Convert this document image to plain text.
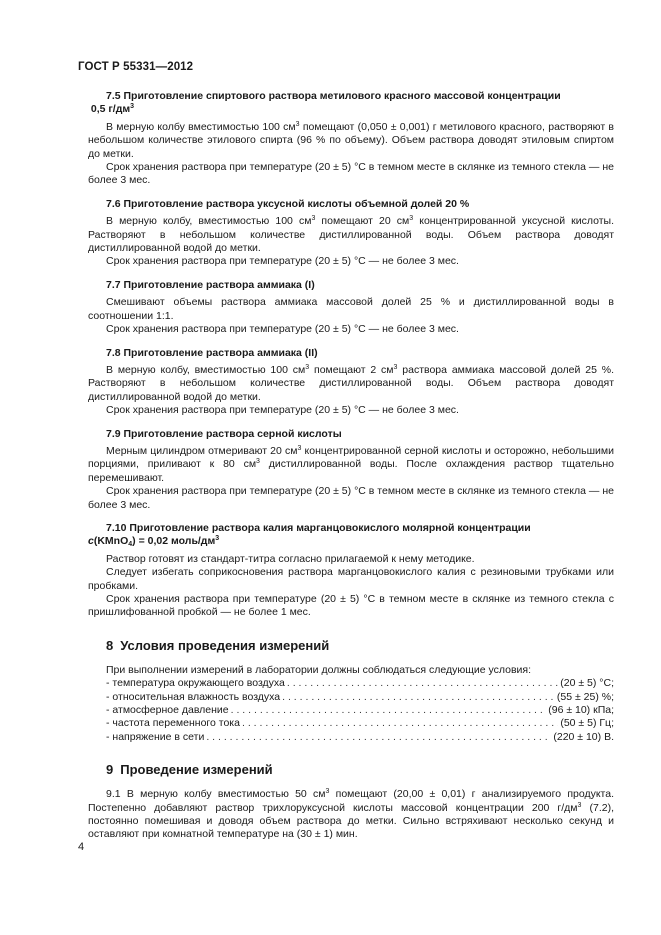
ГОСТ Р 55331—2012

7.5 Приготовление спиртового раствора метилового красного массовой концентрации
0,5 $г/дм^3$

В мерную колбу вместимостью 100 $см^3$ помещают (0,050 ± 0,001) г метилового красного, растворяют в небольшом количестве этилового спирта (96 % по объему). Объем раствора доводят этиловым спиртом до метки.

Срок хранения раствора при температуре (20 ± 5) °С в темном месте в склянке из темного стекла — не более 3 мес.

7.6 Приготовление раствора уксусной кислоты объемной долей 20 %

В мерную колбу, вместимостью 100 $см^3$ помещают 20 $см^3$ концентрированной уксусной кислоты. Растворяют в небольшом количестве дистиллированной воды. Объем раствора доводят дистиллированной водой до метки.

Срок хранения раствора при температуре (20 ± 5) °С — не более 3 мес.

7.7 Приготовление раствора аммиака (I)

Смешивают объемы раствора аммиака массовой долей 25 % и дистиллированной воды в соотношении 1:1.

Срок хранения раствора при температуре (20 ± 5) °С — не более 3 мес.

7.8 Приготовление раствора аммиака (II)

В мерную колбу, вместимостью 100 $см^3$ помещают 2 $см^3$ раствора аммиака массовой долей 25 %. Растворяют в небольшом количестве дистиллированной воды. Объем раствора доводят дистиллированной водой до метки.

Срок хранения раствора при температуре (20 ± 5) °С — не более 3 мес.

7.9 Приготовление раствора серной кислоты

Мерным цилиндром отмеривают 20 $см^3$ концентрированной серной кислоты и осторожно, небольшими порциями, приливают к 80 $см^3$ дистиллированной воды. После охлаждения раствор тщательно перемешивают.

Срок хранения раствора при температуре (20 ± 5) °С в темном месте в склянке из темного стекла — не более 3 мес.

7.10 Приготовление раствора калия марганцовокислого молярной концентрации
c(KMnO$_4$) = 0,02 моль/$дм^3$

Раствор готовят из стандарт-титра согласно прилагаемой к нему методике.

Следует избегать соприкосновения раствора марганцовокислого калия с резиновыми трубками или пробками.

Срок хранения раствора при температуре (20 ± 5) °С в темном месте в склянке из темного стекла с пришлифованной пробкой — не более 1 мес.

8 Условия проведения измерений

При выполнении измерений в лаборатории должны соблюдаться следующие условия:

- температура окружающего воздуха . . .	(20 ± 5) °С;
- относительная влажность воздуха . . .	(55 ± 25) %;
- атмосферное давление . . .	(96 ± 10) кПа;
- частота переменного тока . . .	(50 ± 5) Гц;
- напряжение в сети . . .	(220 ± 10) В.

9 Проведение измерений

9.1 В мерную колбу вместимостью 50 $см^3$ помещают (20,00 ± 0,01) г анализируемого продукта. Постепенно добавляют раствор трихлоруксусной кислоты массовой концентрации 200 $г/дм^3$ (7.2), постоянно помешивая и доводя объем раствора до метки. Сильно встряхивают несколько секунд и оставляют при комнатной температуре на (30 ± 1) мин.

4
